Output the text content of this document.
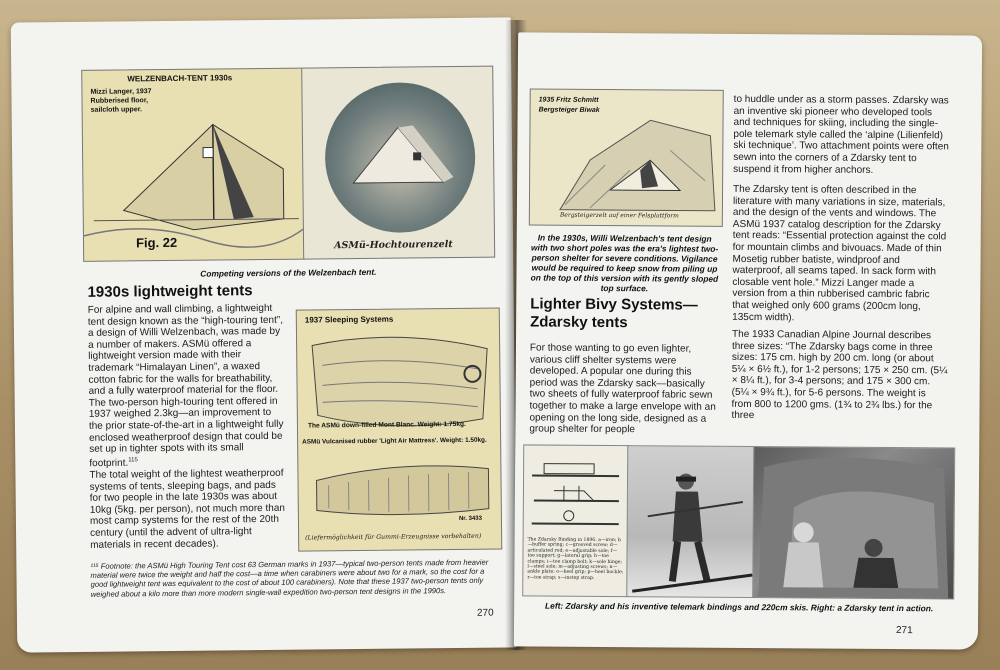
WELZENBACH-TENT 1930s
Mizzi Langer, 1937
Rubberised floor,
sailcloth upper.
Fig. 22	ASMü-Hochtourenzelt
Competing versions of the Welzenbach tent.
1930s lightweight tents
For alpine and wall climbing, a lightweight tent design known as the “high-touring tent”, a design of Willi Welzenbach, was made by a number of makers. ASMü offered a lightweight version made with their trademark “Himalayan Linen”, a waxed cotton fabric for the walls for breathability, and a fully waterproof material for the floor. The two-person high-touring tent offered in 1937 weighed 2.3kg—an improvement to the prior state-of-the-art in a lightweight fully enclosed weatherproof design that could be set up in tighter spots with its small footprint.$^{115}$
The total weight of the lightest weatherproof systems of tents, sleeping bags, and pads for two people in the late 1930s was about 10kg (5kg. per person), not much more than most camp systems for the rest of the 20th century (until the advent of ultra-light materials in recent decades).
1937 Sleeping Systems
The ASMü down-filled Mont Blanc. Weight: 1.75kg.
ASMü Vulcanised rubber 'Light Air Mattress'. Weight: 1.50kg.
Nr. 3433
(Liefermöglichkeit für Gummi-Erzeugnisse vorbehalten)
¹¹⁵ Footnote: the ASMü High Touring Tent cost 63 German marks in 1937—typical two-person tents made from heavier material were twice the weight and half the cost—a time when carabiners were about two for a mark, so the cost for a good lightweight tent was equivalent to the cost of about 100 carabiners). Note that these 1937 two-person tents only weighed about a kilo more than more modern single-wall expedition two-person tent designs in the 1990s.
270
1935 Fritz Schmitt
Bergsteiger Biwak
Bergsteigerzelt auf einer Felsplattform
In the 1930s, Willi Welzenbach's tent design with two short poles was the era's lightest two-person shelter for severe conditions. Vigilance would be required to keep snow from piling up on the top of this version with its gently sloped top surface.
Lighter Bivy Systems—
Zdarsky tents
For those wanting to go even lighter, various cliff shelter systems were developed. A popular one during this period was the Zdarsky sack—basically two sheets of fully waterproof fabric sewn together to make a large envelope with an opening on the long side, designed as a group shelter for people
to huddle under as a storm passes. Zdarsky was an inventive ski pioneer who developed tools and techniques for skiing, including the single-pole telemark style called the ‘alpine (Lilienfeld) ski technique’. Two attachment points were often sewn into the corners of a Zdarsky tent to suspend it from higher anchors.
The Zdarsky tent is often described in the literature with many variations in size, materials, and the design of the vents and windows. The ASMü 1937 catalog description for the Zdarsky tent reads: “Essential protection against the cold for mountain climbs and bivouacs. Made of thin Mosetig rubber batiste, windproof and waterproof, all seams taped. In sack form with closable vent hole.” Mizzi Langer made a version from a thin rubberised cambric fabric that weighed only 600 grams (200cm long, 135cm width).
The 1933 Canadian Alpine Journal describes three sizes: “The Zdarsky bags come in three sizes: 175 cm. high by 200 cm. long (or about 5¼ × 6½ ft.), for 1-2 persons; 175 × 250 cm. (5¼ × 8¼ ft.), for 3-4 persons; and 175 × 300 cm. (5¼ × 9¾ ft.), for 5-6 persons. The weight is from 800 to 1200 gms. (1¾ to 2¾ lbs.) for the three
The Zdarsky Binding in 1896. a—iron; b—buffer spring; c—grooved screw; d—articulated rod; e—adjustable sole; f—toe support; g—lateral grip; h—toe clamps; i—toe clamp bolt; k—sole hinge; l—steel sole; m—adjusting screws; n—ankle plate; o—heel grip; p—heel buckle; r—toe strap; s—instep strap.
Left: Zdarsky and his inventive telemark bindings and 220cm skis. Right: a Zdarsky tent in action.
271
